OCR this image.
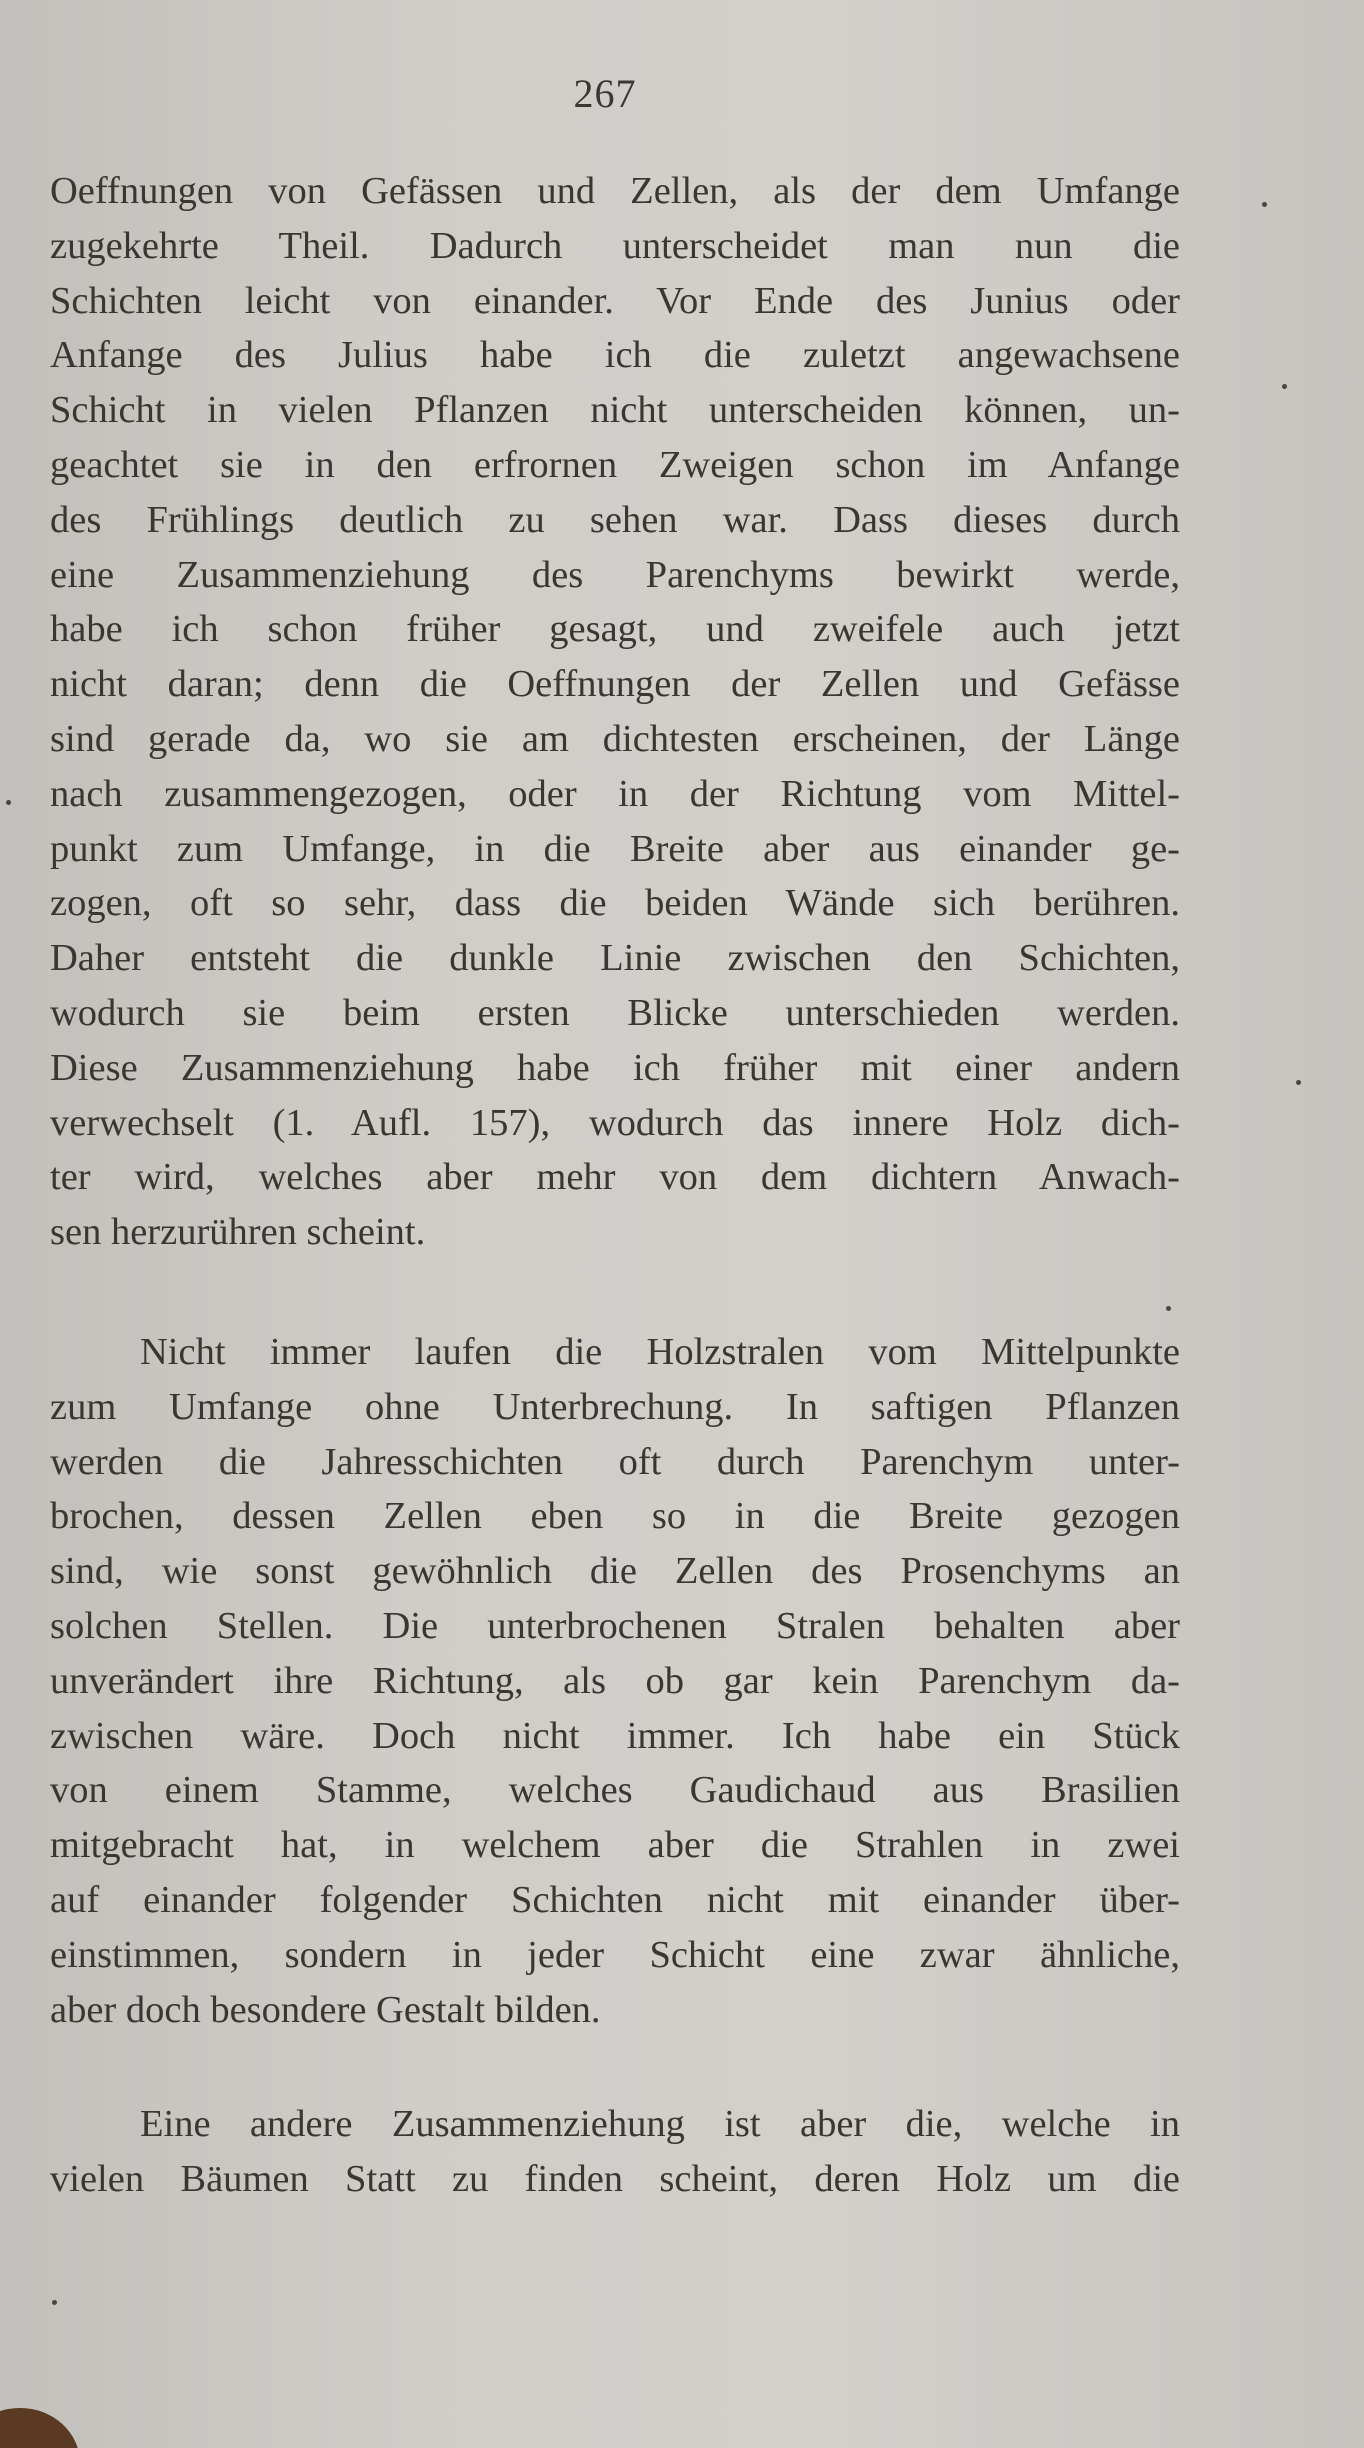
267
Oeffnungen von Gefässen und Zellen, als der dem Umfange
zugekehrte Theil. Dadurch unterscheidet man nun die
Schichten leicht von einander. Vor Ende des Junius oder
Anfange des Julius habe ich die zuletzt angewachsene
Schicht in vielen Pflanzen nicht unterscheiden können, un-
geachtet sie in den erfrornen Zweigen schon im Anfange
des Frühlings deutlich zu sehen war. Dass dieses durch
eine Zusammenziehung des Parenchyms bewirkt werde,
habe ich schon früher gesagt, und zweifele auch jetzt
nicht daran; denn die Oeffnungen der Zellen und Gefässe
sind gerade da, wo sie am dichtesten erscheinen, der Länge
nach zusammengezogen, oder in der Richtung vom Mittel-
punkt zum Umfange, in die Breite aber aus einander ge-
zogen, oft so sehr, dass die beiden Wände sich berühren.
Daher entsteht die dunkle Linie zwischen den Schichten,
wodurch sie beim ersten Blicke unterschieden werden.
Diese Zusammenziehung habe ich früher mit einer andern
verwechselt (1. Aufl. 157), wodurch das innere Holz dich-
ter wird, welches aber mehr von dem dichtern Anwach-
sen herzurühren scheint.
Nicht immer laufen die Holzstralen vom Mittelpunkte
zum Umfange ohne Unterbrechung. In saftigen Pflanzen
werden die Jahresschichten oft durch Parenchym unter-
brochen, dessen Zellen eben so in die Breite gezogen
sind, wie sonst gewöhnlich die Zellen des Prosenchyms an
solchen Stellen. Die unterbrochenen Stralen behalten aber
unverändert ihre Richtung, als ob gar kein Parenchym da-
zwischen wäre. Doch nicht immer. Ich habe ein Stück
von einem Stamme, welches Gaudichaud aus Brasilien
mitgebracht hat, in welchem aber die Strahlen in zwei
auf einander folgender Schichten nicht mit einander über-
einstimmen, sondern in jeder Schicht eine zwar ähnliche,
aber doch besondere Gestalt bilden.
Eine andere Zusammenziehung ist aber die, welche in
vielen Bäumen Statt zu finden scheint, deren Holz um die
